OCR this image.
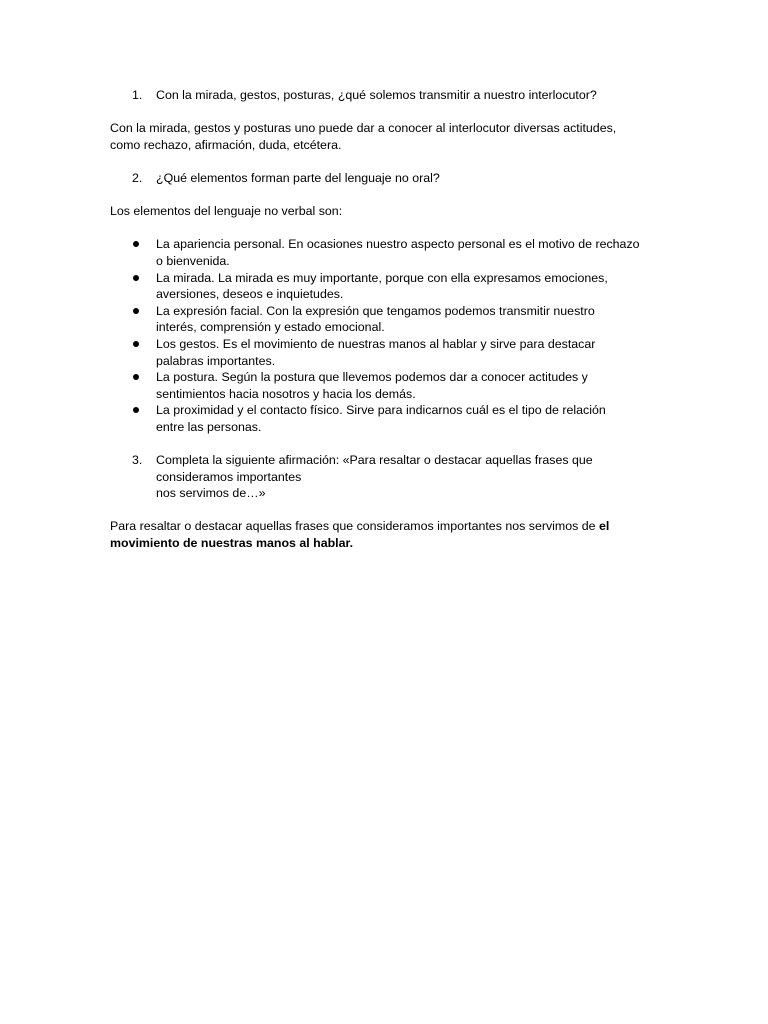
1.	Con la mirada, gestos, posturas, ¿qué solemos transmitir a nuestro interlocutor?
Con la mirada, gestos y posturas uno puede dar a conocer al interlocutor diversas actitudes,
como rechazo, afirmación, duda, etcétera.
2.	¿Qué elementos forman parte del lenguaje no oral?
Los elementos del lenguaje no verbal son:
La apariencia personal. En ocasiones nuestro aspecto personal es el motivo de rechazo
o bienvenida.
La mirada. La mirada es muy importante, porque con ella expresamos emociones,
aversiones, deseos e inquietudes.
La expresión facial. Con la expresión que tengamos podemos transmitir nuestro
interés, comprensión y estado emocional.
Los gestos. Es el movimiento de nuestras manos al hablar y sirve para destacar
palabras importantes.
La postura. Según la postura que llevemos podemos dar a conocer actitudes y
sentimientos hacia nosotros y hacia los demás.
La proximidad y el contacto físico. Sirve para indicarnos cuál es el tipo de relación
entre las personas.
3.	Completa la siguiente afirmación: «Para resaltar o destacar aquellas frases que
consideramos importantes
nos servimos de…»
Para resaltar o destacar aquellas frases que consideramos importantes nos servimos de el
movimiento de nuestras manos al hablar.
